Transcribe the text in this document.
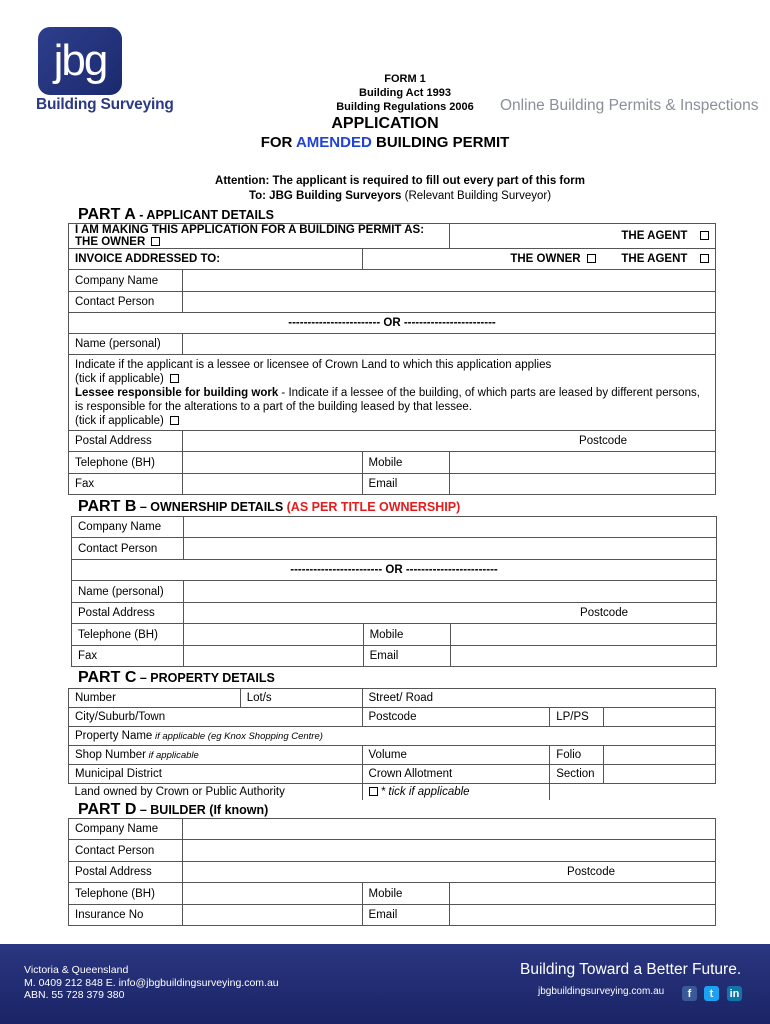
jbg
Building Surveying
FORM 1
Building Act 1993
Building Regulations 2006	Online Building Permits & Inspections
APPLICATION
FOR AMENDED BUILDING PERMIT
Attention: The applicant is required to fill out every part of this form
To: JBG Building Surveyors (Relevant Building Surveyor)
PART A - APPLICANT DETAILS
I AM MAKING THIS APPLICATION FOR A BUILDING PERMIT AS: THE OWNER			THE AGENT
INVOICE ADDRESSED TO:		THE OWNER THE AGENT	
Company Name			
Contact Person			
------------------------ OR ------------------------			
Name (personal)			

Indicate if the applicant is a lessee or licensee of Crown Land to which this application applies
(tick if applicable)
Lessee responsible for building work - Indicate if a lessee of the building, of which parts are leased by different persons, is responsible for the alterations to a part of the building leased by that lessee.
(tick if applicable)			

Postal Address	Postcode		
Telephone (BH)		Mobile	
Fax		Email	
PART B – OWNERSHIP DETAILS (AS PER TITLE OWNERSHIP)
Company Name			
Contact Person			
------------------------ OR ------------------------			
Name (personal)			
Postal Address	Postcode		
Telephone (BH)		Mobile	
Fax		Email	
PART C – PROPERTY DETAILS
Number	Lot/s	Street/ Road		
City/Suburb/Town		Postcode	LP/PS	
Property Name if applicable (eg Knox Shopping Centre)				
Shop Number if applicable		Volume	Folio	
Municipal District		Crown Allotment	Section	
Land owned by Crown or Public Authority		* tick if applicable		
PART D – BUILDER (If known)
Company Name			
Contact Person			
Postal Address	Postcode		
Telephone (BH)		Mobile	
Insurance No		Email	
Victoria & Queensland
M. 0409 212 848 E. info@jbgbuildingsurveying.com.au
ABN. 55 728 379 380
Building Toward a Better Future.
jbgbuildingsurveying.com.au	f	t	in
